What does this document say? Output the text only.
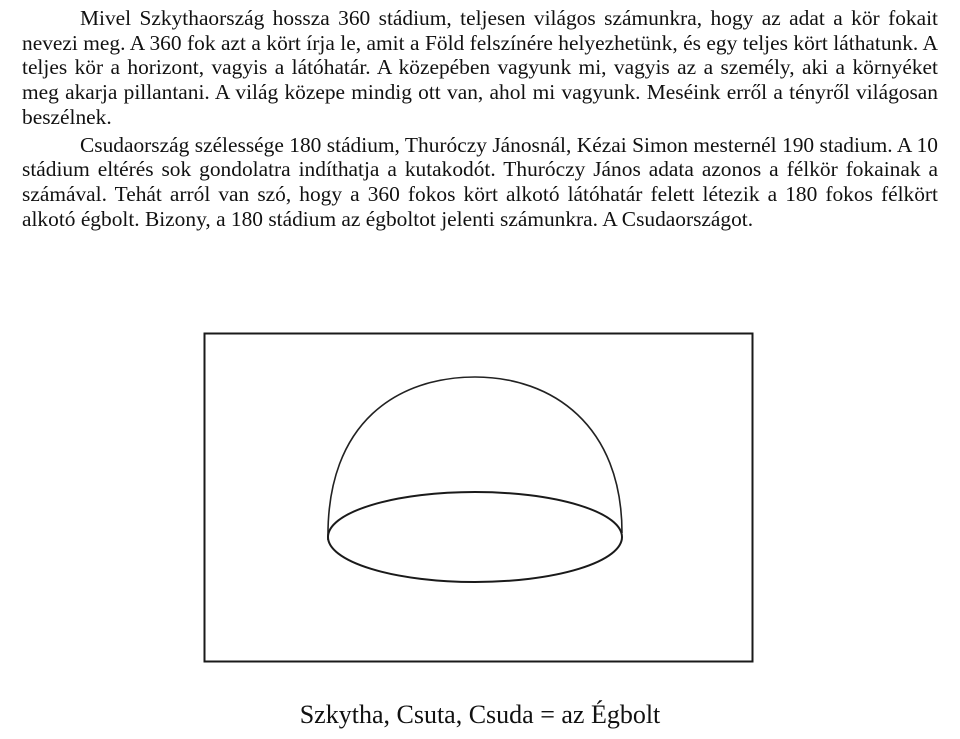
Mivel Szkythaország hossza 360 stádium, teljesen világos számunkra, hogy az adat a kör fokait nevezi meg. A 360 fok azt a kört írja le, amit a Föld felszínére helyezhetünk, és egy teljes kört láthatunk. A teljes kör a horizont, vagyis a látóhatár. A közepében vagyunk mi, vagyis az a személy, aki a környéket meg akarja pillantani. A világ közepe mindig ott van, ahol mi vagyunk. Meséink erről a tényről világosan beszélnek.

Csudaország szélessége 180 stádium, Thuróczy Jánosnál, Kézai Simon mesternél 190 stadium. A 10 stádium eltérés sok gondolatra indíthatja a kutakodót. Thuróczy János adata azonos a félkör fokainak a számával. Tehát arról van szó, hogy a 360 fokos kört alkotó látóhatár felett létezik a 180 fokos félkört alkotó égbolt. Bizony, a 180 stádium az égboltot jelenti számunkra. A Csudaországot.

Szkytha, Csuta, Csuda = az Égbolt
